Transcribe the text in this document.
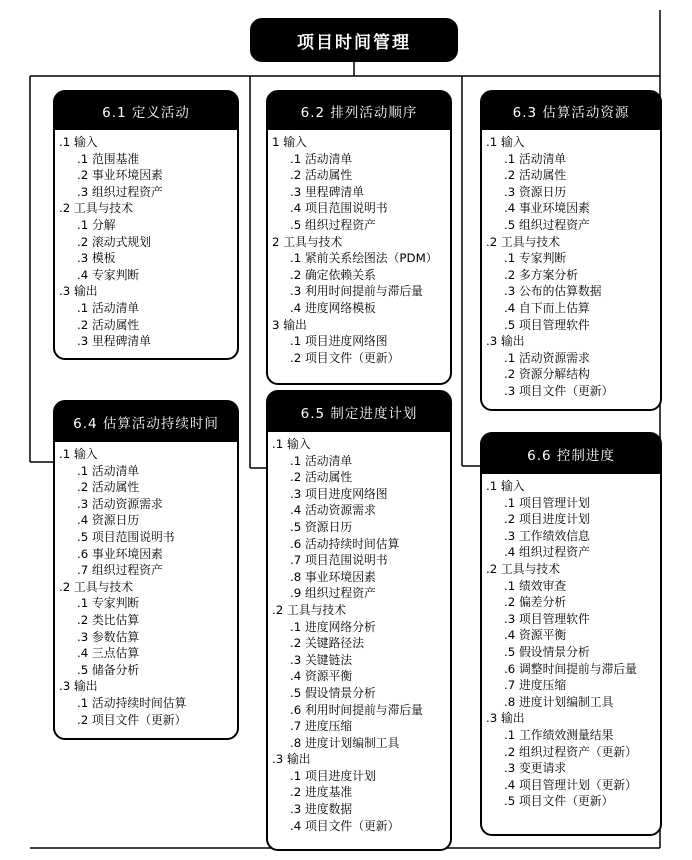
项目时间管理
6.1 定义活动
.1 输入
.1 范围基准
.2 事业环境因素
.3 组织过程资产
.2 工具与技术
.1 分解
.2 滚动式规划
.3 模板
.4 专家判断
.3 输出
.1 活动清单
.2 活动属性
.3 里程碑清单
6.2 排列活动顺序
1 输入
.1 活动清单
.2 活动属性
.3 里程碑清单
.4 项目范围说明书
.5 组织过程资产
2 工具与技术
.1 紧前关系绘图法（PDM）
.2 确定依赖关系
.3 利用时间提前与滞后量
.4 进度网络模板
3 输出
.1 项目进度网络图
.2 项目文件（更新）
6.3 估算活动资源
.1 输入
.1 活动清单
.2 活动属性
.3 资源日历
.4 事业环境因素
.5 组织过程资产
.2 工具与技术
.1 专家判断
.2 多方案分析
.3 公布的估算数据
.4 自下而上估算
.5 项目管理软件
.3 输出
.1 活动资源需求
.2 资源分解结构
.3 项目文件（更新）
6.4 估算活动持续时间
.1 输入
.1 活动清单
.2 活动属性
.3 活动资源需求
.4 资源日历
.5 项目范围说明书
.6 事业环境因素
.7 组织过程资产
.2 工具与技术
.1 专家判断
.2 类比估算
.3 参数估算
.4 三点估算
.5 储备分析
.3 输出
.1 活动持续时间估算
.2 项目文件（更新）
6.5 制定进度计划
.1 输入
.1 活动清单
.2 活动属性
.3 项目进度网络图
.4 活动资源需求
.5 资源日历
.6 活动持续时间估算
.7 项目范围说明书
.8 事业环境因素
.9 组织过程资产
.2 工具与技术
.1 进度网络分析
.2 关键路径法
.3 关键链法
.4 资源平衡
.5 假设情景分析
.6 利用时间提前与滞后量
.7 进度压缩
.8 进度计划编制工具
.3 输出
.1 项目进度计划
.2 进度基准
.3 进度数据
.4 项目文件（更新）
6.6 控制进度
.1 输入
.1 项目管理计划
.2 项目进度计划
.3 工作绩效信息
.4 组织过程资产
.2 工具与技术
.1 绩效审查
.2 偏差分析
.3 项目管理软件
.4 资源平衡
.5 假设情景分析
.6 调整时间提前与滞后量
.7 进度压缩
.8 进度计划编制工具
.3 输出
.1 工作绩效测量结果
.2 组织过程资产（更新）
.3 变更请求
.4 项目管理计划（更新）
.5 项目文件（更新）
